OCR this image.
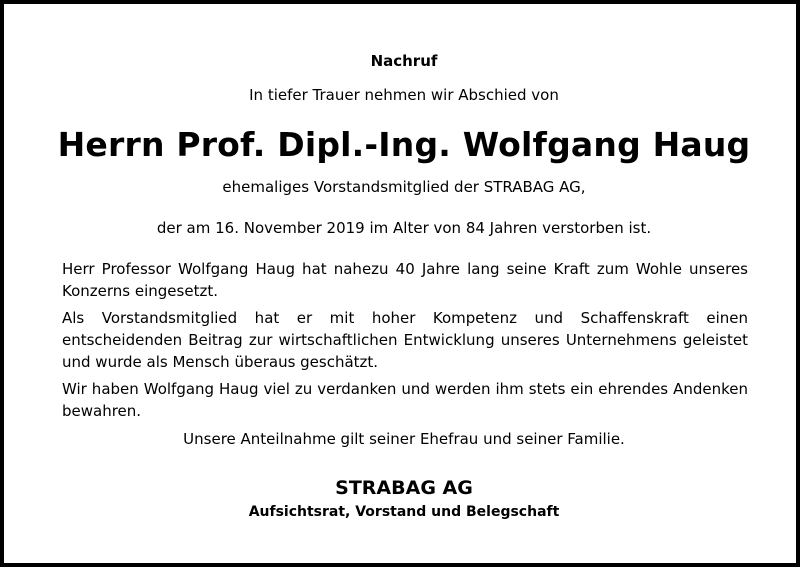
Nachruf
In tiefer Trauer nehmen wir Abschied von
Herrn Prof. Dipl.-Ing. Wolfgang Haug
ehemaliges Vorstandsmitglied der STRABAG AG,
der am 16. November 2019 im Alter von 84 Jahren verstorben ist.
Herr Professor Wolfgang Haug hat nahezu 40 Jahre lang seine Kraft zum Wohle unseres Konzerns eingesetzt.
Als Vorstandsmitglied hat er mit hoher Kompetenz und Schaffenskraft einen entscheidenden Beitrag zur wirtschaftlichen Entwicklung unseres Unternehmens geleistet und wurde als Mensch überaus geschätzt.
Wir haben Wolfgang Haug viel zu verdanken und werden ihm stets ein ehrendes Andenken bewahren.
Unsere Anteilnahme gilt seiner Ehefrau und seiner Familie.
STRABAG AG
Aufsichtsrat, Vorstand und Belegschaft
